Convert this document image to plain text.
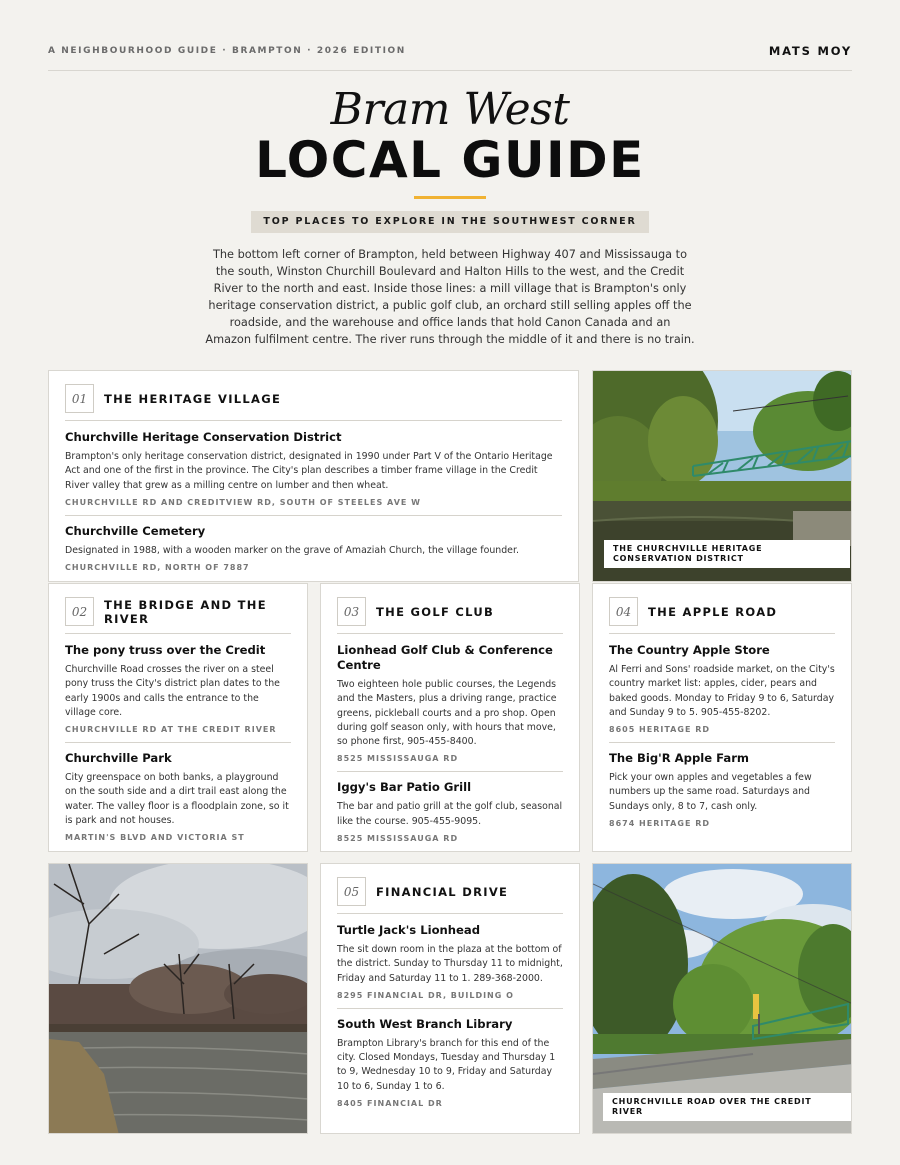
A NEIGHBOURHOOD GUIDE · BRAMPTON · 2026 EDITION	MATS MOY
Bram West
LOCAL GUIDE
TOP PLACES TO EXPLORE IN THE SOUTHWEST CORNER
The bottom left corner of Brampton, held between Highway 407 and Mississauga to the south, Winston Churchill Boulevard and Halton Hills to the west, and the Credit River to the north and east. Inside those lines: a mill village that is Brampton's only heritage conservation district, a public golf club, an orchard still selling apples off the roadside, and the warehouse and office lands that hold Canon Canada and an Amazon fulfilment centre. The river runs through the middle of it and there is no train.
01	THE HERITAGE VILLAGE
Churchville Heritage Conservation District

Brampton's only heritage conservation district, designated in 1990 under Part V of the Ontario Heritage Act and one of the first in the province. The City's plan describes a timber frame village in the Credit River valley that grew as a milling centre on lumber and then wheat.

CHURCHVILLE RD AND CREDITVIEW RD, SOUTH OF STEELES AVE W
Churchville Cemetery

Designated in 1988, with a wooden marker on the grave of Amaziah Church, the village founder.

CHURCHVILLE RD, NORTH OF 7887
THE CHURCHVILLE HERITAGE CONSERVATION DISTRICT
02	THE BRIDGE AND THE RIVER
The pony truss over the Credit

Churchville Road crosses the river on a steel pony truss the City's district plan dates to the early 1900s and calls the entrance to the village core.

CHURCHVILLE RD AT THE CREDIT RIVER
Churchville Park

City greenspace on both banks, a playground on the south side and a dirt trail east along the water. The valley floor is a floodplain zone, so it is park and not houses.

MARTIN'S BLVD AND VICTORIA ST
03	THE GOLF CLUB
Lionhead Golf Club & Conference Centre

Two eighteen hole public courses, the Legends and the Masters, plus a driving range, practice greens, pickleball courts and a pro shop. Open during golf season only, with hours that move, so phone first, 905-455-8400.

8525 MISSISSAUGA RD
Iggy's Bar Patio Grill

The bar and patio grill at the golf club, seasonal like the course. 905-455-9095.

8525 MISSISSAUGA RD
04	THE APPLE ROAD
The Country Apple Store

Al Ferri and Sons' roadside market, on the City's country market list: apples, cider, pears and baked goods. Monday to Friday 9 to 6, Saturday and Sunday 9 to 5. 905-455-8202.

8605 HERITAGE RD
The Big'R Apple Farm

Pick your own apples and vegetables a few numbers up the same road. Saturdays and Sundays only, 8 to 7, cash only.

8674 HERITAGE RD
05	FINANCIAL DRIVE
Turtle Jack's Lionhead

The sit down room in the plaza at the bottom of the district. Sunday to Thursday 11 to midnight, Friday and Saturday 11 to 1. 289-368-2000.

8295 FINANCIAL DR, BUILDING O
South West Branch Library

Brampton Library's branch for this end of the city. Closed Mondays, Tuesday and Thursday 1 to 9, Wednesday 10 to 9, Friday and Saturday 10 to 6, Sunday 1 to 6.

8405 FINANCIAL DR	CHURCHVILLE ROAD OVER THE CREDIT RIVER
